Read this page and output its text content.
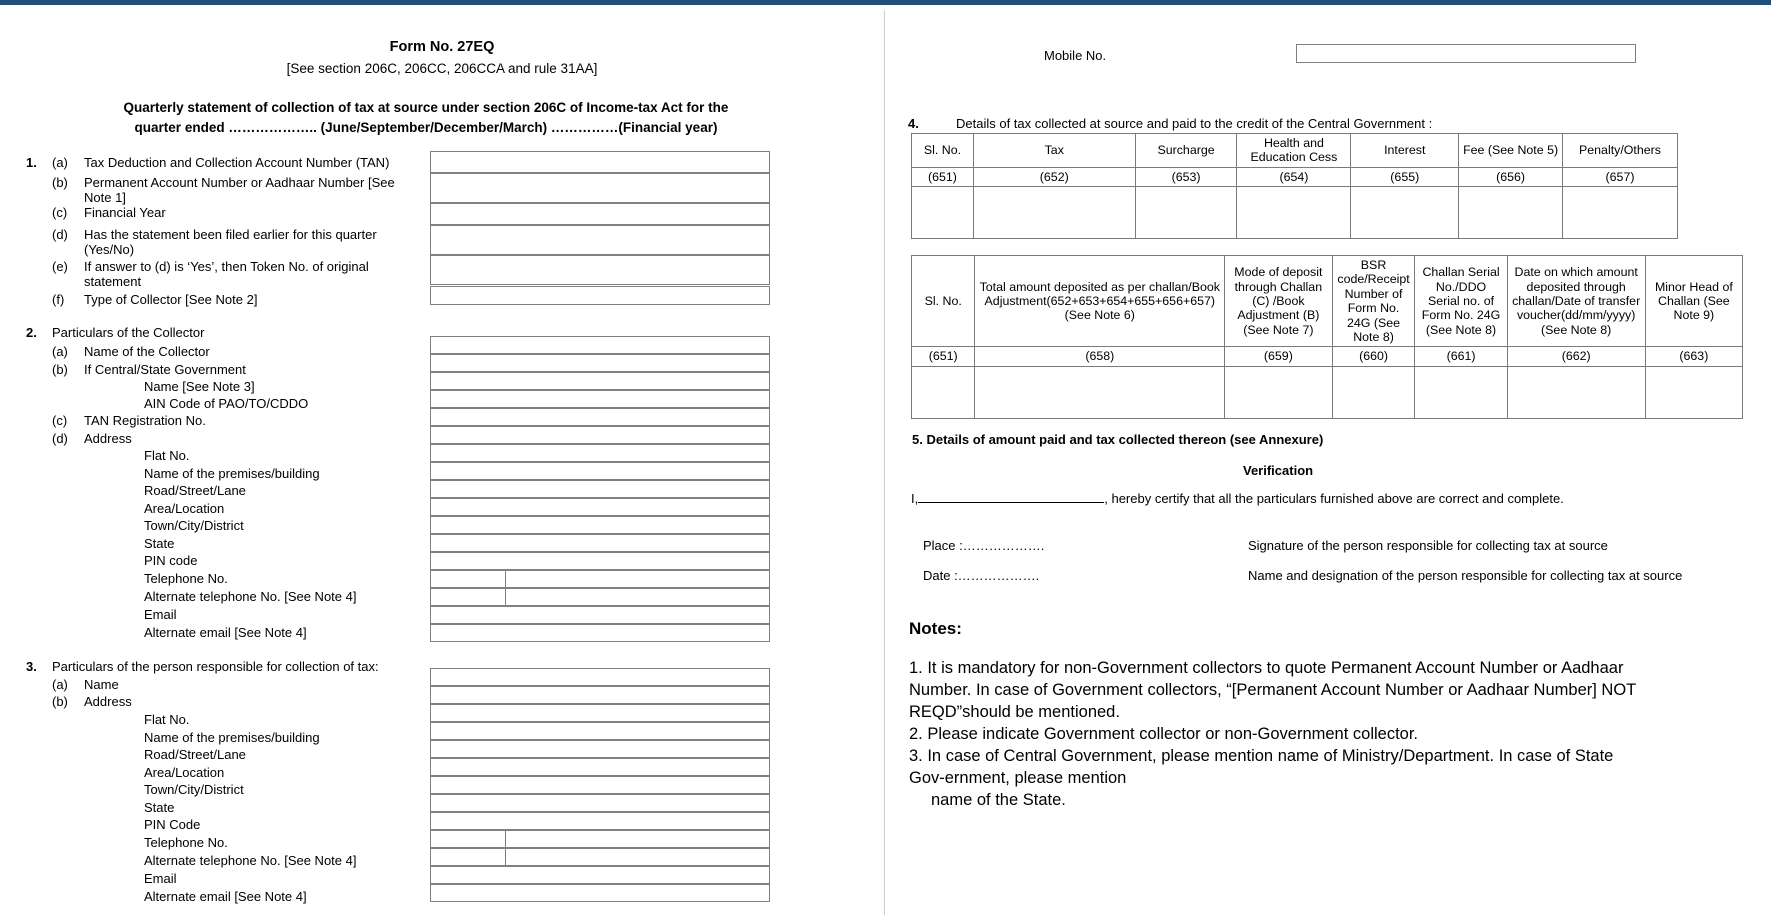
Form No. 27EQ
[See section 206C, 206CC, 206CCA and rule 31AA]
Quarterly statement of collection of tax at source under section 206C of Income-tax Act for the quarter ended ……………….. (June/September/December/March) ……………(Financial year)
1.	(a)	Tax Deduction and Collection Account Number (TAN)
(b)	Permanent Account Number or Aadhaar Number [See Note 1]
(c)	Financial Year
(d)	Has the statement been filed earlier for this quarter (Yes/No)
(e)	If answer to (d) is ‘Yes’, then Token No. of original statement
(f)	Type of Collector [See Note 2]
2.	Particulars of the Collector
(a)	Name of the Collector
(b)	If Central/State Government
Name [See Note 3]
AIN Code of PAO/TO/CDDO
(c)	TAN Registration No.
(d)	Address
Flat No.
Name of the premises/building
Road/Street/Lane
Area/Location
Town/City/District
State
PIN code
Telephone No.
Alternate telephone No. [See Note 4]
Email
Alternate email [See Note 4]
3.	Particulars of the person responsible for collection of tax:
(a)	Name
(b)	Address
Flat No.
Name of the premises/building
Road/Street/Lane
Area/Location
Town/City/District
State
PIN Code
Telephone No.
Alternate telephone No. [See Note 4]
Email
Alternate email [See Note 4]
Mobile No.
4.	Details of tax collected at source and paid to the credit of the Central Government :
Sl. No.	Tax	Surcharge	Health and Education Cess	Interest	Fee (See Note 5)	Penalty/Others
(651)	(652)	(653)	(654)	(655)	(656)	(657)

Sl. No.	Total amount deposited as per challan/Book Adjustment(652+653+654+655+656+657) (See Note 6)	Mode of deposit through Challan (C) /Book Adjustment (B) (See Note 7)	BSR code/Receipt Number of Form No. 24G (See Note 8)	Challan Serial No./DDO Serial no. of Form No. 24G (See Note 8)	Date on which amount deposited through challan/Date of transfer voucher(dd/mm/yyyy) (See Note 8)	Minor Head of Challan (See Note 9)
(651)	(658)	(659)	(660)	(661)	(662)	(663)

5. Details of amount paid and tax collected thereon (see Annexure)
Verification
I,	, hereby certify that all the particulars furnished above are correct and complete.
Place :……………….
Date :……………….
Signature of the person responsible for collecting tax at source
Name and designation of the person responsible for collecting tax at source
Notes:

1. It is mandatory for non-Government collectors to quote Permanent Account Number or Aadhaar Number. In case of Government collectors, “[Permanent Account Number or Aadhaar Number] NOT REQD”should be mentioned.

2. Please indicate Government collector or non-Government collector.

3. In case of Central Government, please mention name of Ministry/Department. In case of State Gov-ernment, please mention

name of the State.
